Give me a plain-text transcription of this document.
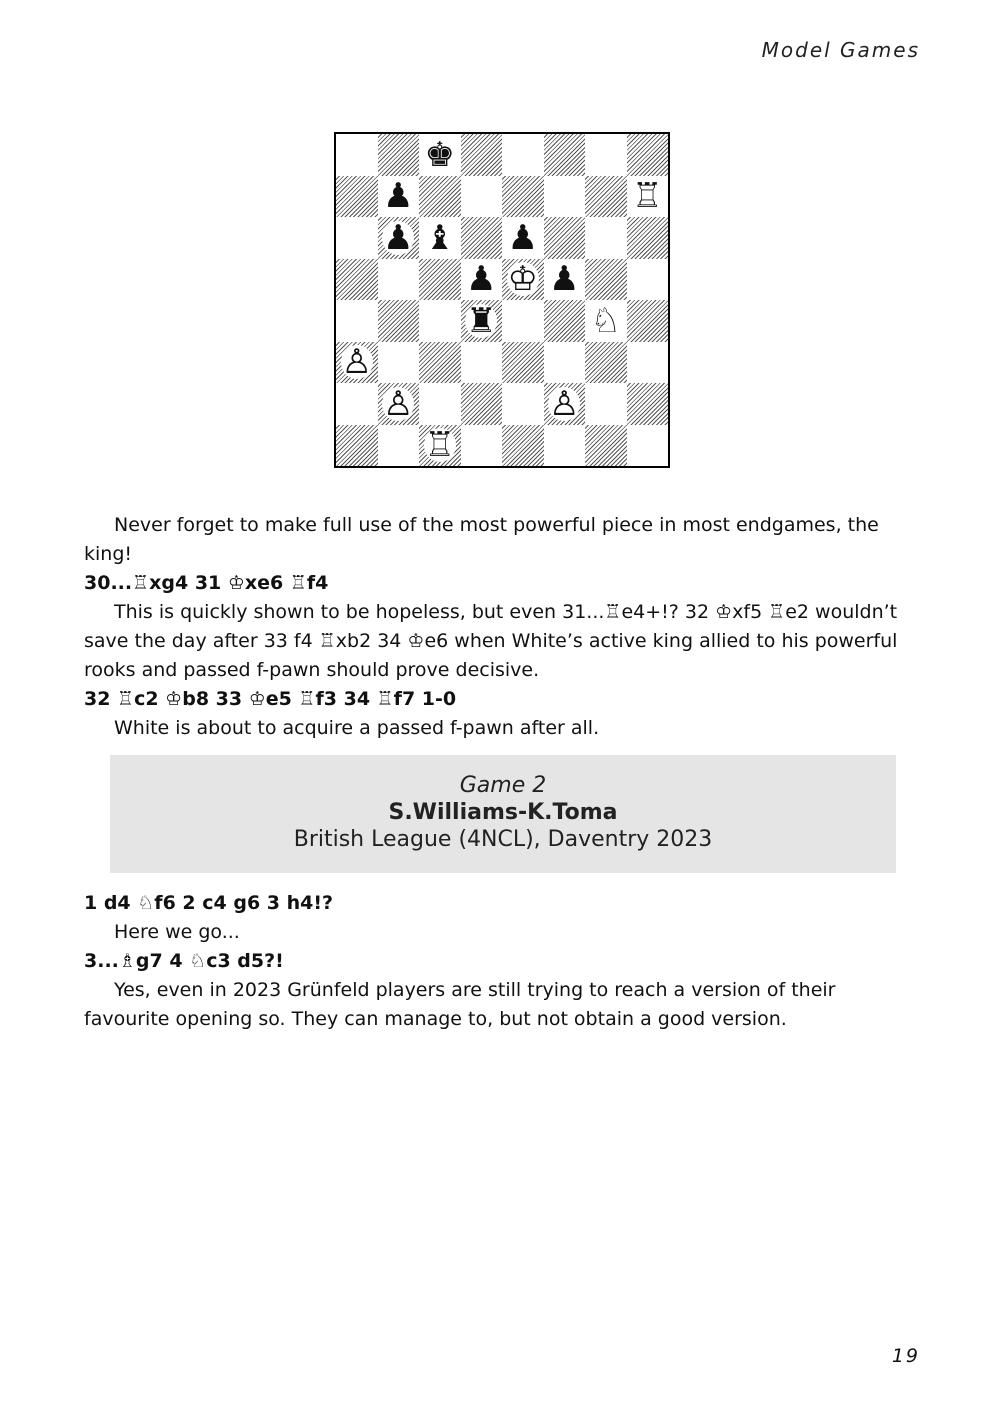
Model Games
♚
♟	♖
♟ ♝ ♟
♟ ♔ ♟
♜	♘
♙
♙	♙
♖

Never forget to make full use of the most powerful piece in most endgames, the king!

30...♖xg4 31 ♔xe6 ♖f4

This is quickly shown to be hopeless, but even 31...♖e4+!? 32 ♔xf5 ♖e2 wouldn’t save the day after 33 f4 ♖xb2 34 ♔e6 when White’s active king allied to his powerful rooks and passed f-pawn should prove decisive.

32 ♖c2 ♔b8 33 ♔e5 ♖f3 34 ♖f7 1-0

White is about to acquire a passed f-pawn after all.

Game 2
S.Williams-K.Toma
British League (4NCL), Daventry 2023

1 d4 ♘f6 2 c4 g6 3 h4!?

Here we go...

3...♗g7 4 ♘c3 d5?!

Yes, even in 2023 Grünfeld players are still trying to reach a version of their favourite opening so. They can manage to, but not obtain a good version.

19
